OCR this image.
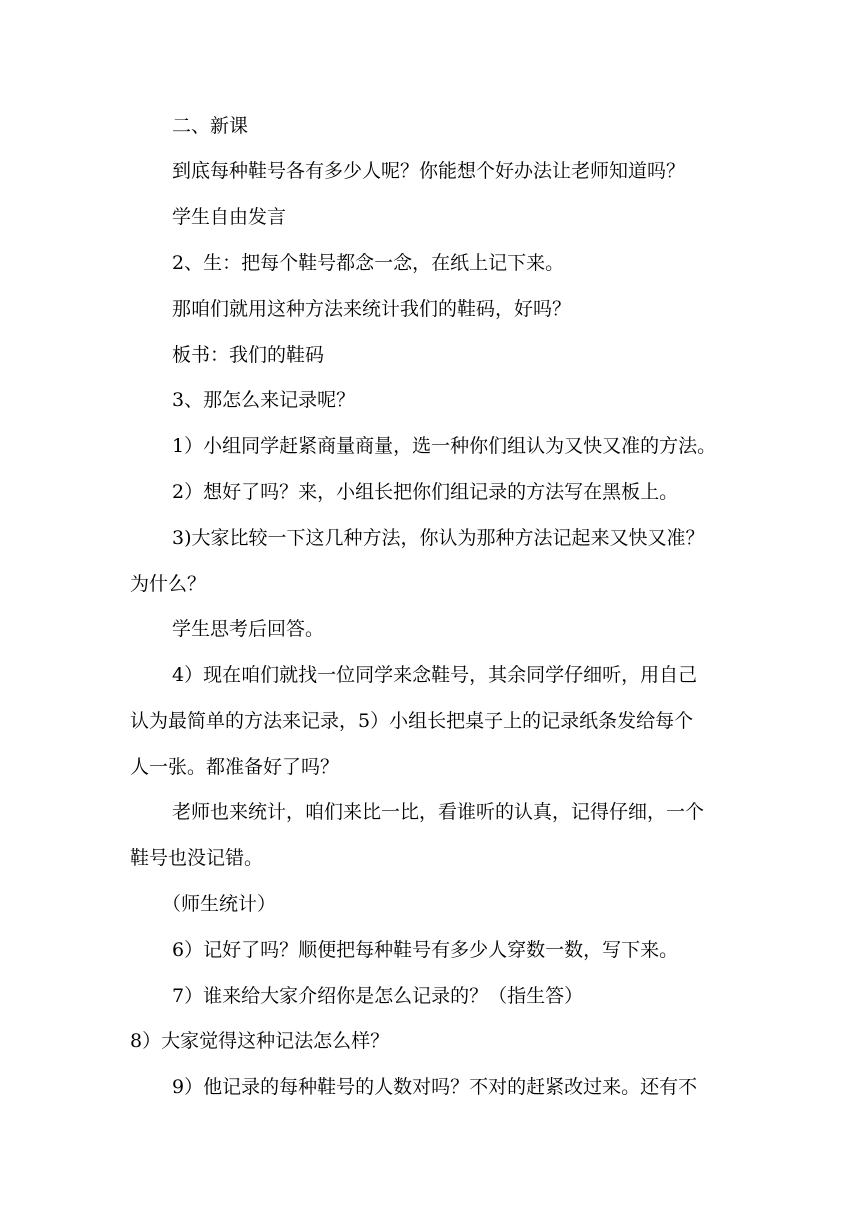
二、新课
到底每种鞋号各有多少人呢？你能想个好办法让老师知道吗？
学生自由发言
2、生：把每个鞋号都念一念，在纸上记下来。
那咱们就用这种方法来统计我们的鞋码，好吗？
板书：我们的鞋码
3、那怎么来记录呢？
1）小组同学赶紧商量商量，选一种你们组认为又快又准的方法。
2）想好了吗？来，小组长把你们组记录的方法写在黑板上。
3)大家比较一下这几种方法，你认为那种方法记起来又快又准？
为什么？
学生思考后回答。
4）现在咱们就找一位同学来念鞋号，其余同学仔细听，用自己
认为最简单的方法来记录，5）小组长把桌子上的记录纸条发给每个
人一张。都准备好了吗？
老师也来统计，咱们来比一比，看谁听的认真，记得仔细，一个
鞋号也没记错。
（师生统计）
6）记好了吗？顺便把每种鞋号有多少人穿数一数，写下来。
7）谁来给大家介绍你是怎么记录的？（指生答）
8）大家觉得这种记法怎么样？
9）他记录的每种鞋号的人数对吗？不对的赶紧改过来。还有不
